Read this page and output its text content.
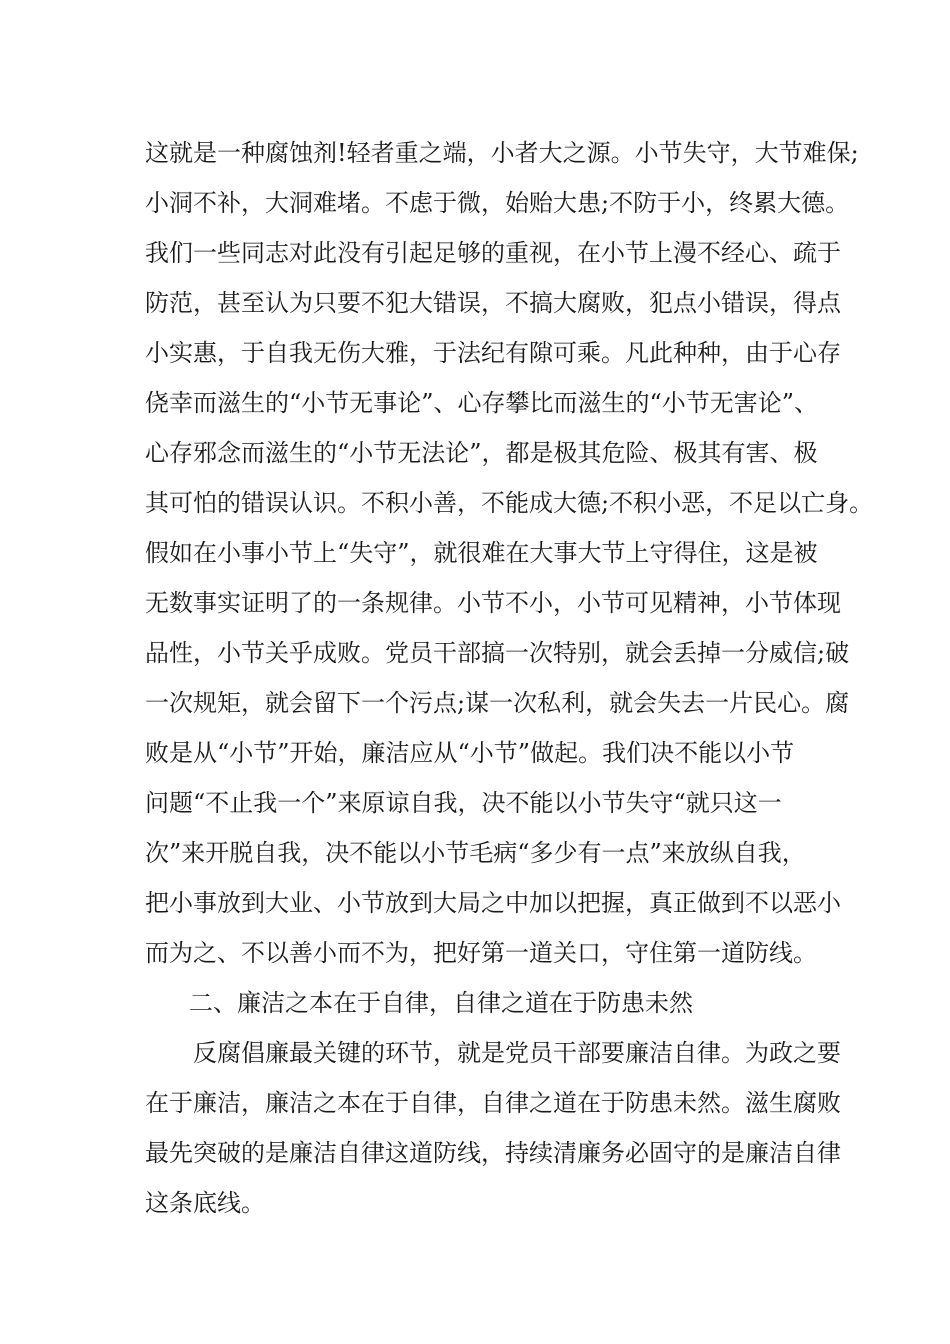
这就是一种腐蚀剂!轻者重之端，小者大之源。小节失守，大节难保;
小洞不补，大洞难堵。不虑于微，始贻大患;不防于小，终累大德。
我们一些同志对此没有引起足够的重视，在小节上漫不经心、疏于
防范，甚至认为只要不犯大错误，不搞大腐败，犯点小错误，得点
小实惠，于自我无伤大雅，于法纪有隙可乘。凡此种种，由于心存
侥幸而滋生的“小节无事论”、心存攀比而滋生的“小节无害论”、
心存邪念而滋生的“小节无法论”，都是极其危险、极其有害、极
其可怕的错误认识。不积小善，不能成大德;不积小恶，不足以亡身。
假如在小事小节上“失守”，就很难在大事大节上守得住，这是被
无数事实证明了的一条规律。小节不小，小节可见精神，小节体现
品性，小节关乎成败。党员干部搞一次特别，就会丢掉一分威信;破
一次规矩，就会留下一个污点;谋一次私利，就会失去一片民心。腐
败是从“小节”开始，廉洁应从“小节”做起。我们决不能以小节
问题“不止我一个”来原谅自我，决不能以小节失守“就只这一
次”来开脱自我，决不能以小节毛病“多少有一点”来放纵自我，
把小事放到大业、小节放到大局之中加以把握，真正做到不以恶小
而为之、不以善小而不为，把好第一道关口，守住第一道防线。
二、廉洁之本在于自律，自律之道在于防患未然
反腐倡廉最关键的环节，就是党员干部要廉洁自律。为政之要
在于廉洁，廉洁之本在于自律，自律之道在于防患未然。滋生腐败
最先突破的是廉洁自律这道防线，持续清廉务必固守的是廉洁自律
这条底线。
